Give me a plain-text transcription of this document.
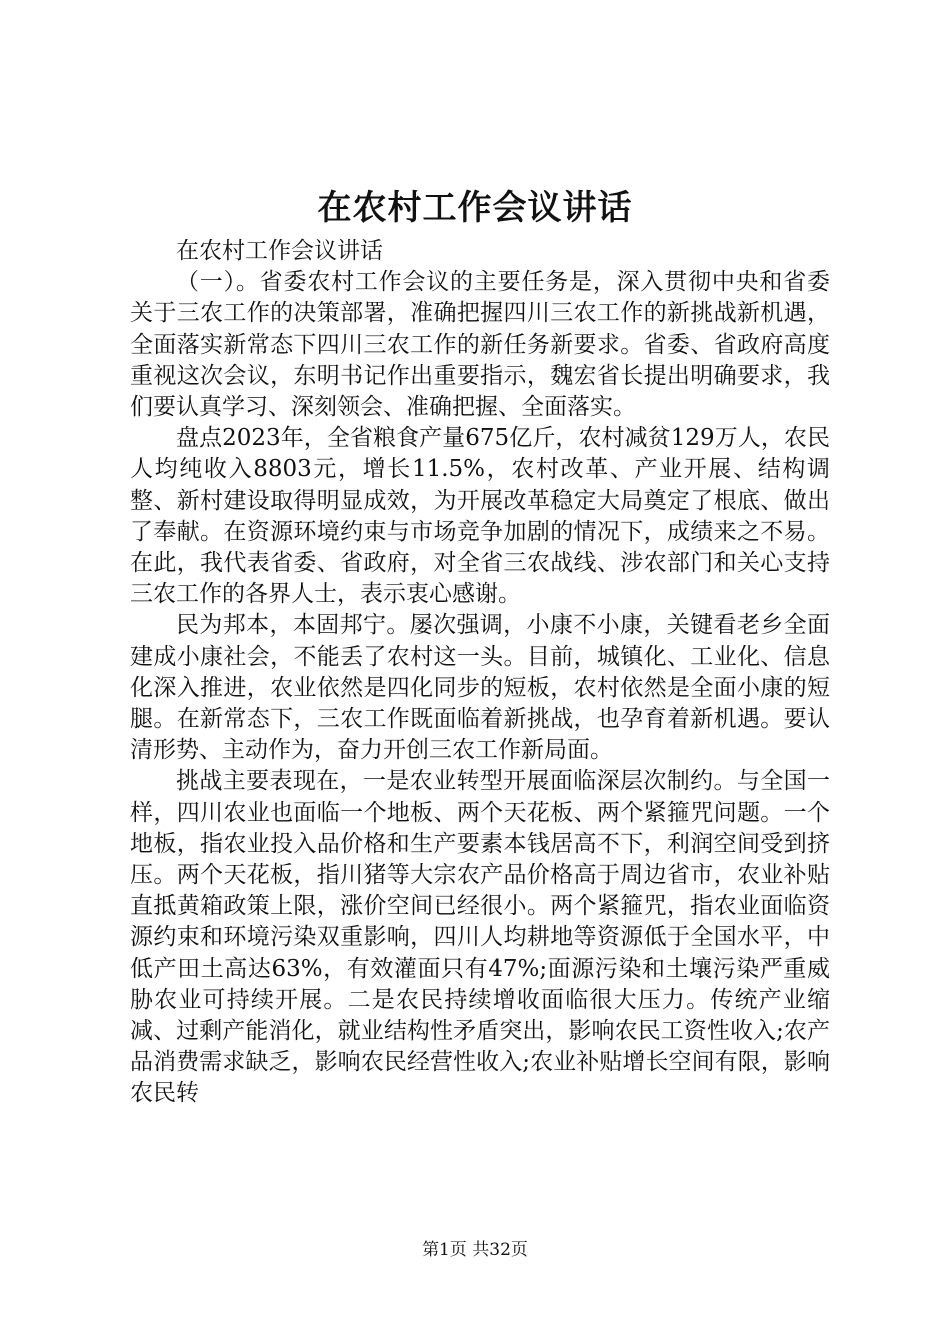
在农村工作会议讲话

在农村工作会议讲话

（一）。省委农村工作会议的主要任务是，深入贯彻中央和省委关于三农工作的决策部署，准确把握四川三农工作的新挑战新机遇，全面落实新常态下四川三农工作的新任务新要求。省委、省政府高度重视这次会议，东明书记作出重要指示，魏宏省长提出明确要求，我们要认真学习、深刻领会、准确把握、全面落实。

盘点2023年，全省粮食产量675亿斤，农村减贫129万人，农民人均纯收入8803元，增长11.5%，农村改革、产业开展、结构调整、新村建设取得明显成效，为开展改革稳定大局奠定了根底、做出了奉献。在资源环境约束与市场竞争加剧的情况下，成绩来之不易。在此，我代表省委、省政府，对全省三农战线、涉农部门和关心支持三农工作的各界人士，表示衷心感谢。

民为邦本，本固邦宁。屡次强调，小康不小康，关键看老乡全面建成小康社会，不能丢了农村这一头。目前，城镇化、工业化、信息化深入推进，农业依然是四化同步的短板，农村依然是全面小康的短腿。在新常态下，三农工作既面临着新挑战，也孕育着新机遇。要认清形势、主动作为，奋力开创三农工作新局面。

挑战主要表现在，一是农业转型开展面临深层次制约。与全国一样，四川农业也面临一个地板、两个天花板、两个紧箍咒问题。一个地板，指农业投入品价格和生产要素本钱居高不下，利润空间受到挤压。两个天花板，指川猪等大宗农产品价格高于周边省市，农业补贴直抵黄箱政策上限，涨价空间已经很小。两个紧箍咒，指农业面临资源约束和环境污染双重影响，四川人均耕地等资源低于全国水平，中低产田土高达63%，有效灌面只有47%;面源污染和土壤污染严重威胁农业可持续开展。二是农民持续增收面临很大压力。传统产业缩减、过剩产能消化，就业结构性矛盾突出，影响农民工资性收入;农产品消费需求缺乏，影响农民经营性收入;农业补贴增长空间有限，影响农民转

第1页 共32页
